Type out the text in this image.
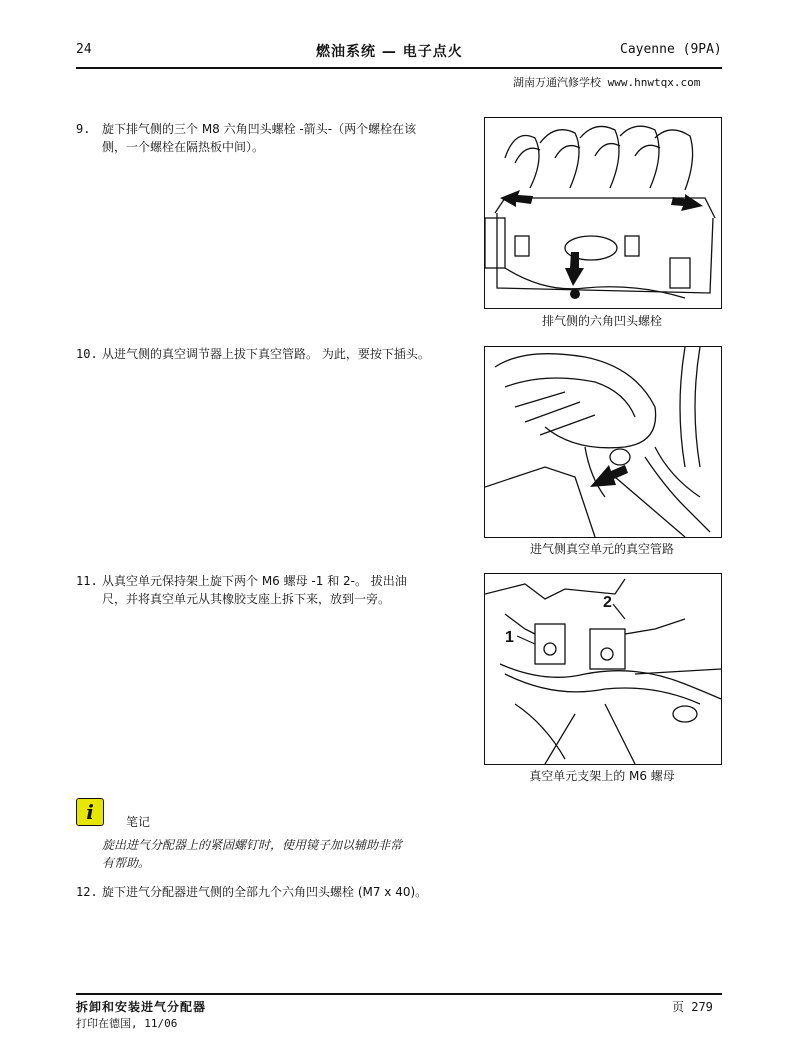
24	燃油系统 — 电子点火	Cayenne (9PA)
湖南万通汽修学校 www.hnwtqx.com
9. 旋下排气侧的三个 M8 六角凹头螺栓 -箭头-（两个螺栓在该
侧，一个螺栓在隔热板中间）。
排气侧的六角凹头螺栓
10. 从进气侧的真空调节器上拔下真空管路。 为此，要按下插头。
进气侧真空单元的真空管路
11. 从真空单元保持架上旋下两个 M6 螺母 -1 和 2-。 拔出油
尺，并将真空单元从其橡胶支座上拆下来，放到一旁。
1
2
真空单元支架上的 M6 螺母
i	笔记
旋出进气分配器上的紧固螺钉时，使用镜子加以辅助非常
有帮助。
12. 旋下进气分配器进气侧的全部九个六角凹头螺栓 (M7 x 40)。
拆卸和安装进气分配器	页 279
打印在德国, 11/06
